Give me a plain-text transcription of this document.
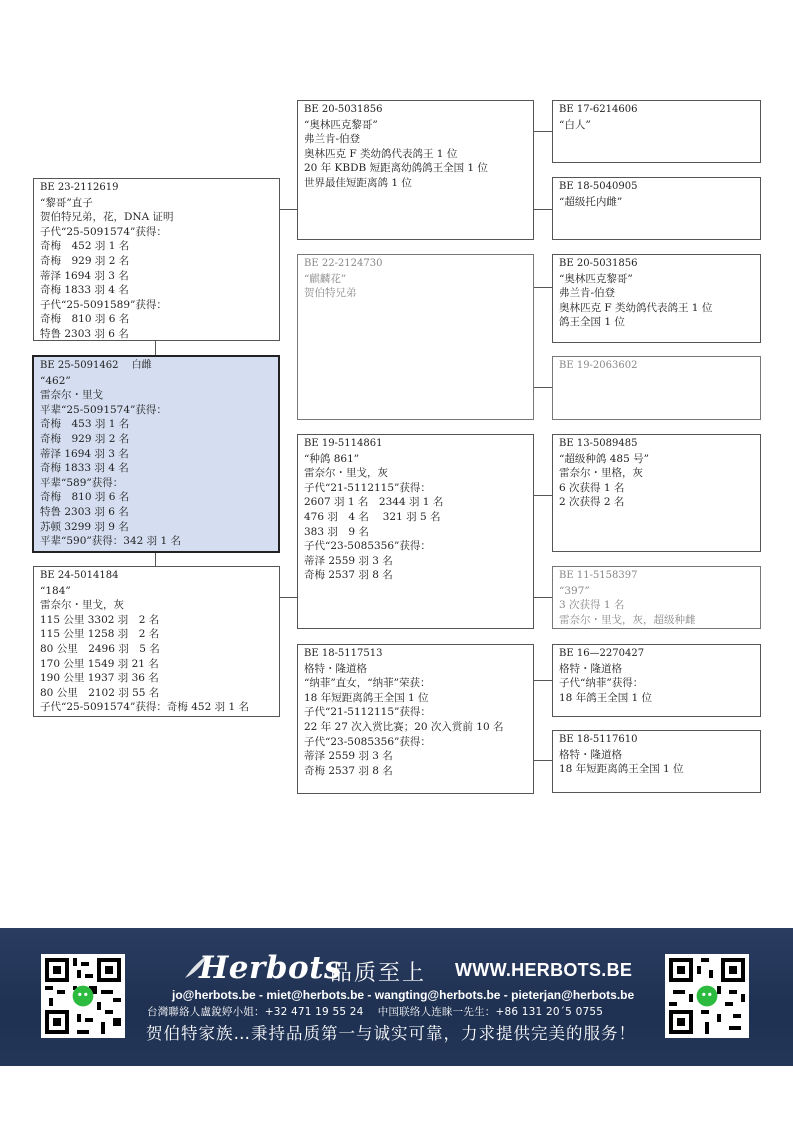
BE 23-2112619
“黎哥”直子
贺伯特兄弟，花，DNA 证明
子代“25-5091574”获得：
奇梅　452 羽 1 名
奇梅　929 羽 2 名
蒂泽 1694 羽 3 名
奇梅 1833 羽 4 名
子代“25-5091589”获得：
奇梅　810 羽 6 名
特鲁 2303 羽 6 名
BE 25-5091462　 白雌
“462”
雷奈尔・里戈
平辈“25-5091574”获得：
奇梅　453 羽 1 名
奇梅　929 羽 2 名
蒂泽 1694 羽 3 名
奇梅 1833 羽 4 名
平辈“589”获得：
奇梅　810 羽 6 名
特鲁 2303 羽 6 名
苏顿 3299 羽 9 名
平辈“590”获得：342 羽 1 名
BE 24-5014184
“184”
雷奈尔・里戈，灰
115 公里 3302 羽　2 名
115 公里 1258 羽　2 名
80 公里　2496 羽　5 名
170 公里 1549 羽 21 名
190 公里 1937 羽 36 名
80 公里　2102 羽 55 名
子代“25-5091574”获得：奇梅 452 羽 1 名
BE 20-5031856
“奥林匹克黎哥”
弗兰肯-伯登
奥林匹克 F 类幼鸽代表鸽王 1 位
20 年 KBDB 短距离幼鸽鸽王全国 1 位
世界最佳短距离鸽 1 位
BE 22-2124730
“麒麟花”
贺伯特兄弟
BE 19-5114861
“种鸽 861”
雷奈尔・里戈，灰
子代“21-5112115”获得：
2607 羽 1 名　2344 羽 1 名
476 羽　4 名　 321 羽 5 名
383 羽　9 名
子代“23-5085356”获得：
蒂泽 2559 羽 3 名
奇梅 2537 羽 8 名
BE 18-5117513
格特・隆道格
“纳菲”直女，“纳菲”荣获：
18 年短距离鸽王全国 1 位
子代“21-5112115”获得：
22 年 27 次入赏比赛；20 次入赏前 10 名
子代“23-5085356”获得：
蒂泽 2559 羽 3 名
奇梅 2537 羽 8 名
BE 17-6214606
“白人”
BE 18-5040905
“超级托内雌”
BE 20-5031856
“奥林匹克黎哥”
弗兰肯-伯登
奥林匹克 F 类幼鸽代表鸽王 1 位
鸽王全国 1 位
BE 19-2063602
BE 13-5089485
“超级种鸽 485 号”
雷奈尔・里格，灰
6 次获得 1 名
2 次获得 2 名
BE 11-5158397
“397”
3 次获得 1 名
雷奈尔・里戈，灰，超级种雌
BE 16—2270427
格特・隆道格
子代“纳菲”获得：
18 年鸽王全国 1 位
BE 18-5117610
格特・隆道格
18 年短距离鸽王全国 1 位
Herbots
品质至上 WWW.HERBOTS.BE
jo@herbots.be - miet@herbots.be - wangting@herbots.be - pieterjan@herbots.be
台灣聯絡人盧銳婷小姐：+32 471 19 55 24　 中国联络人连睐一先生：+86 131 20´5 0755
贺伯特家族…秉持品质第一与诚实可靠，力求提供完美的服务！
